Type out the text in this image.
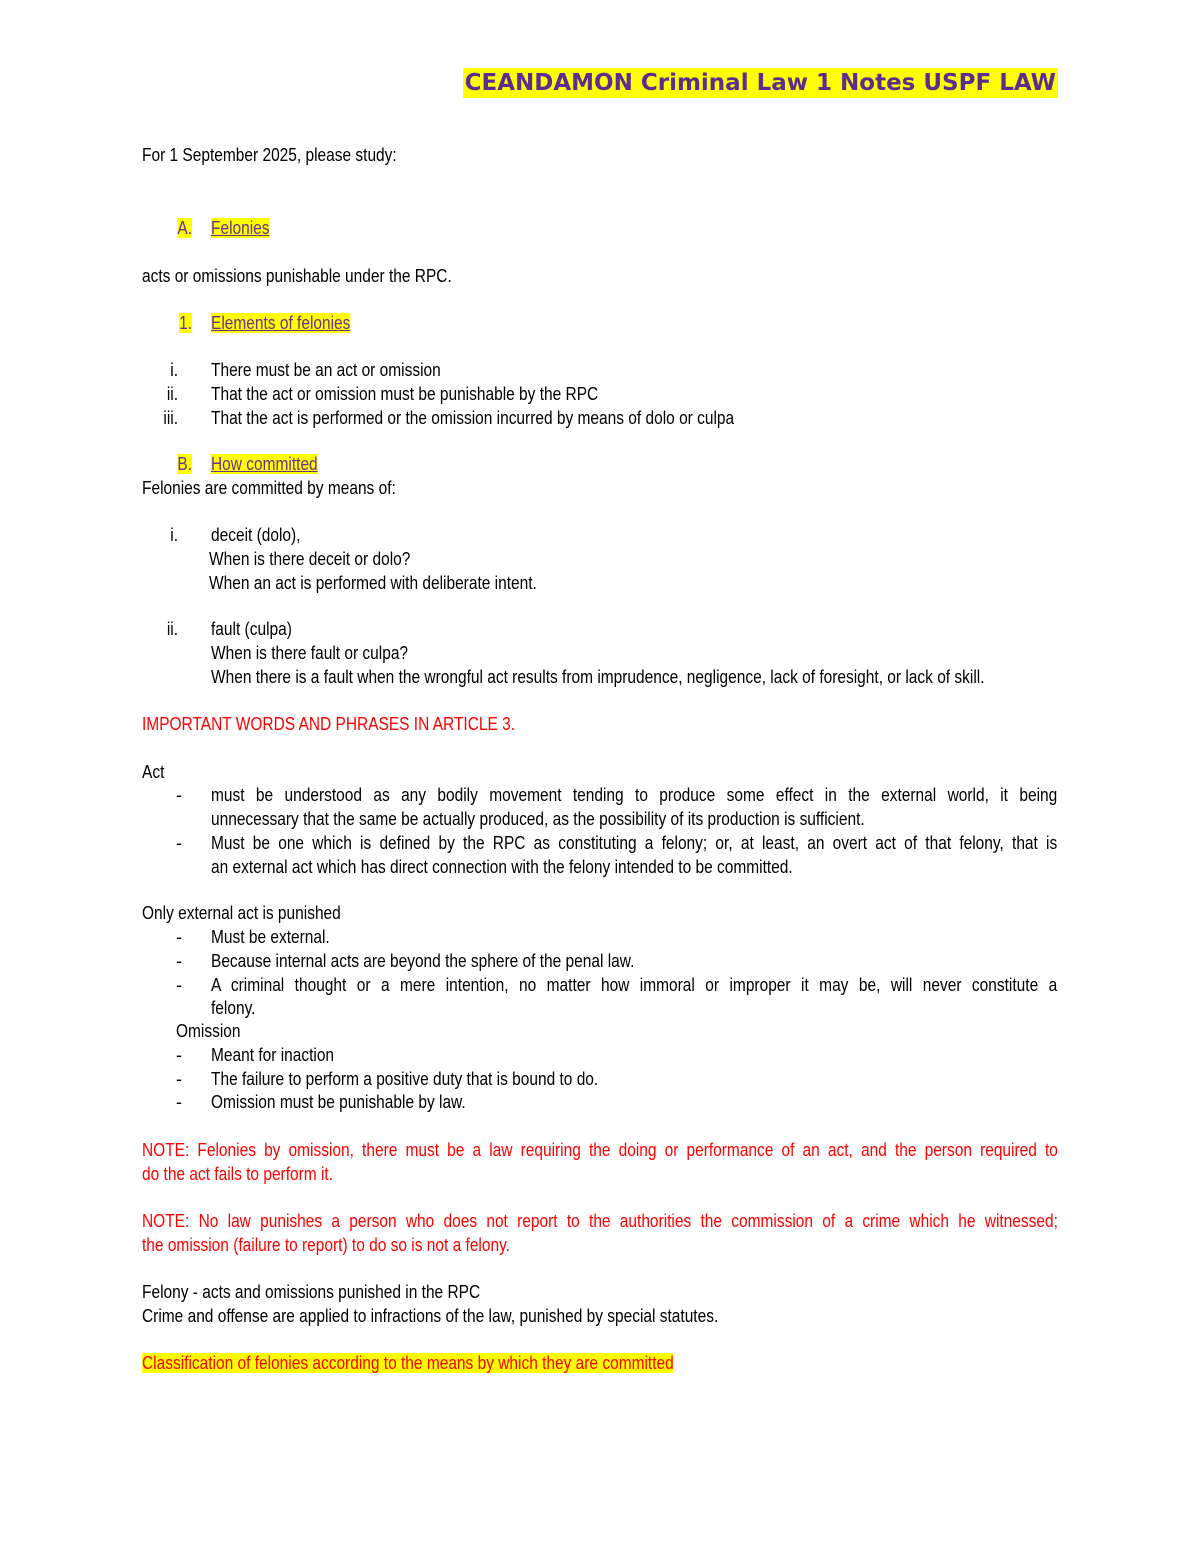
CEANDAMON Criminal Law 1 Notes USPF LAW
For 1 September 2025, please study:
A. Felonies
acts or omissions punishable under the RPC.
1. Elements of felonies
i. There must be an act or omission
ii. That the act or omission must be punishable by the RPC
iii. That the act is performed or the omission incurred by means of dolo or culpa
B. How committed
Felonies are committed by means of:
i. deceit (dolo),
When is there deceit or dolo?
When an act is performed with deliberate intent.
ii. fault (culpa)
When is there fault or culpa?
When there is a fault when the wrongful act results from imprudence, negligence, lack of foresight, or lack of skill.
IMPORTANT WORDS AND PHRASES IN ARTICLE 3.
Act
- must be understood as any bodily movement tending to produce some effect in the external world, it being
unnecessary that the same be actually produced, as the possibility of its production is sufficient.
- Must be one which is defined by the RPC as constituting a felony; or, at least, an overt act of that felony, that is
an external act which has direct connection with the felony intended to be committed.
Only external act is punished
- Must be external.
- Because internal acts are beyond the sphere of the penal law.
- A criminal thought or a mere intention, no matter how immoral or improper it may be, will never constitute a
felony.
Omission
- Meant for inaction
- The failure to perform a positive duty that is bound to do.
- Omission must be punishable by law.
NOTE: Felonies by omission, there must be a law requiring the doing or performance of an act, and the person required to
do the act fails to perform it.
NOTE: No law punishes a person who does not report to the authorities the commission of a crime which he witnessed;
the omission (failure to report) to do so is not a felony.
Felony - acts and omissions punished in the RPC
Crime and offense are applied to infractions of the law, punished by special statutes.
Classification of felonies according to the means by which they are committed
